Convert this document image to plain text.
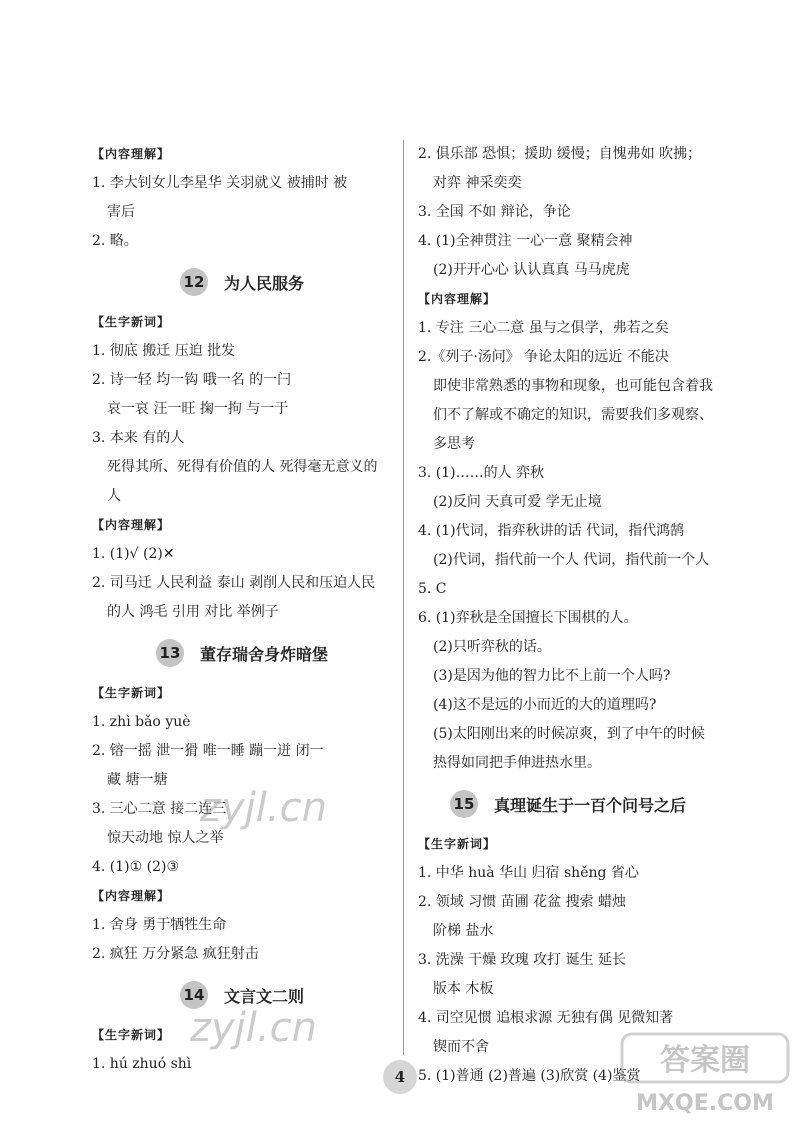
【内容理解】
1. 李大钊女儿李星华 关羽就义 被捕时 被
害后
2. 略。
12 为人民服务
【生字新词】
1. 彻底 搬迁 压迫 批发
2. 诗一轻 均一钩 哦一名 的一闩
哀一哀 汪一旺 掬一拘 与一于
3. 本来 有的人
死得其所、死得有价值的人 死得毫无意义的
人
【内容理解】
1. (1)√ (2)✕
2. 司马迁 人民利益 泰山 剥削人民和压迫人民
的人 鸿毛 引用 对比 举例子
13 董存瑞舍身炸暗堡
【生字新词】
1. zhì bǎo yuè
2. 镕一摇 泄一猾 唯一睡 蹦一迸 闭一
藏 塘一塘
3. 三心二意 接二连三
惊天动地 惊人之举
4. (1)① (2)③
【内容理解】
1. 舍身 勇于牺牲生命
2. 疯狂 万分紧急 疯狂射击
14 文言文二则
【生字新词】
1. hú zhuó shì
2. 俱乐部 恐惧；援助 缓慢；自愧弗如 吹拂；
对弈 神采奕奕
3. 全国 不如 辩论，争论
4. (1)全神贯注 一心一意 聚精会神
(2)开开心心 认认真真 马马虎虎
【内容理解】
1. 专注 三心二意 虽与之俱学，弗若之矣
2.《列子·汤问》 争论太阳的远近 不能决
即使非常熟悉的事物和现象，也可能包含着我
们不了解或不确定的知识，需要我们多观察、
多思考
3. (1)……的人 弈秋
(2)反问 天真可爱 学无止境
4. (1)代词，指弈秋讲的话 代词，指代鸿鹄
(2)代词，指代前一个人 代词，指代前一个人
5. C
6. (1)弈秋是全国擅长下围棋的人。
(2)只听弈秋的话。
(3)是因为他的智力比不上前一个人吗?
(4)这不是远的小而近的大的道理吗?
(5)太阳刚出来的时候凉爽，到了中午的时候
热得如同把手伸进热水里。
15 真理诞生于一百个问号之后
【生字新词】
1. 中华 huà 华山 归宿 shěng 省心
2. 领域 习惯 苗圃 花盆 搜索 蜡烛
阶梯 盐水
3. 洗澡 干燥 玫瑰 攻打 诞生 延长
版本 木板
4. 司空见惯 追根求源 无独有偶 见微知著
锲而不舍
5. (1)普通 (2)普遍 (3)欣赏 (4)鉴赏
4
zyjl.cn
zyjl.cn
答案圈
MXQE.COM
